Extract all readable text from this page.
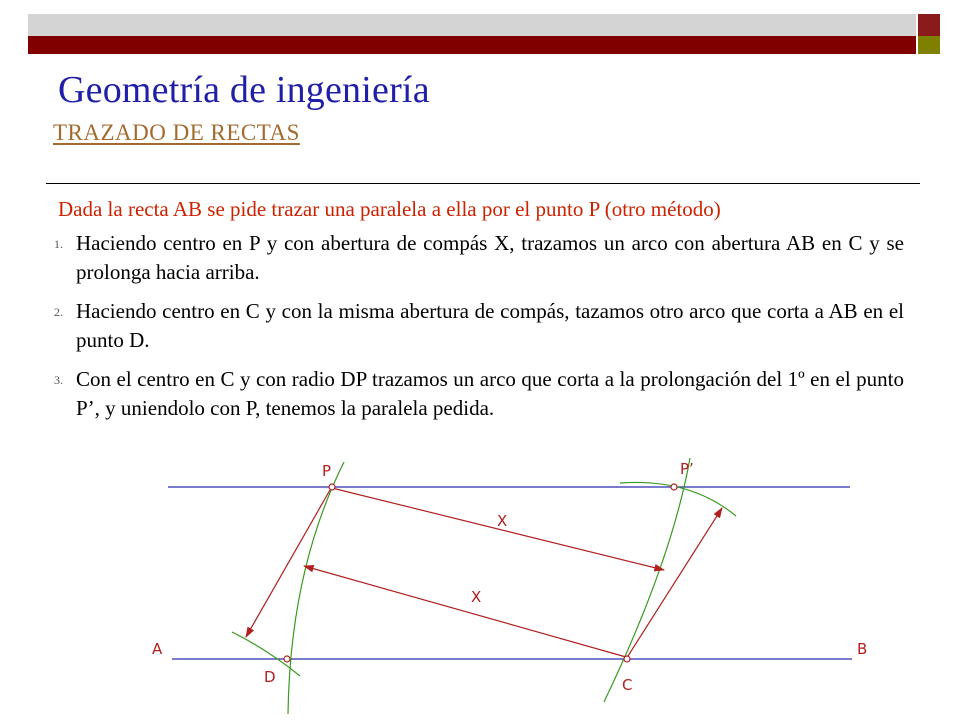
Geometría de ingeniería
TRAZADO DE RECTAS
Dada la recta AB se pide trazar una paralela a ella por el punto P (otro método)
1. Haciendo centro en P y con abertura de compás X, trazamos un arco con abertura AB en C y se prolonga hacia arriba.
2. Haciendo centro en C y con la misma abertura de compás, tazamos otro arco que corta a AB en el punto D.
3. Con el centro en C y con radio DP trazamos un arco que corta a la prolongación del 1º en el punto P’, y uniendolo con P, tenemos la paralela pedida.
P	P’
X
X
A	B
D	C
